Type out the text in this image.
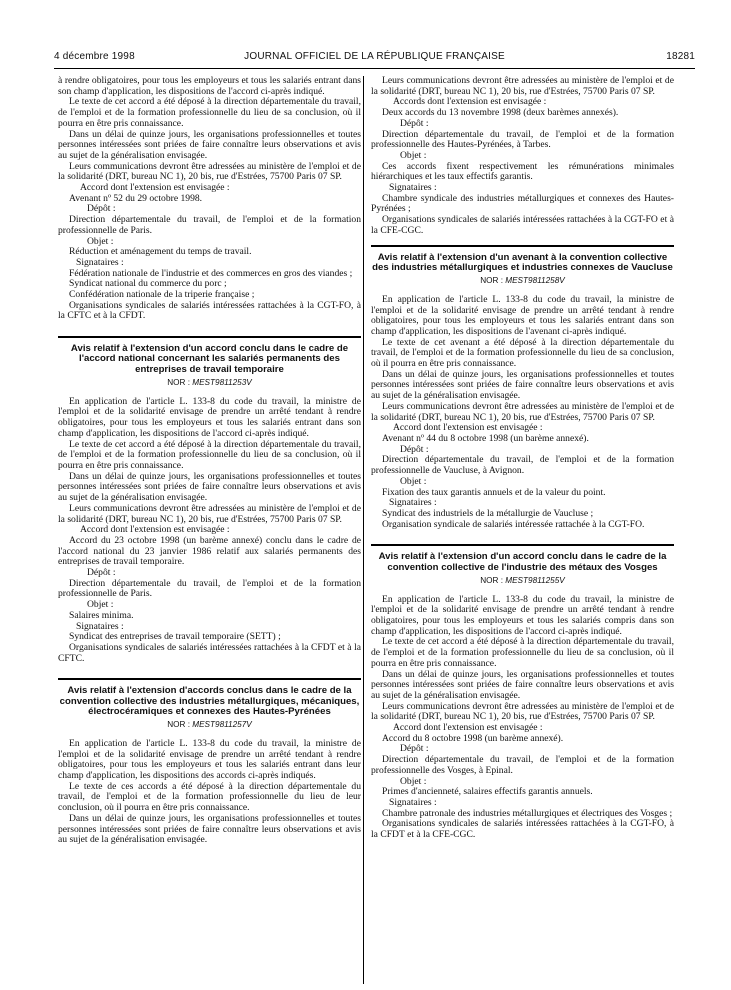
4 décembre 1998	JOURNAL OFFICIEL DE LA RÉPUBLIQUE FRANÇAISE	18281

à rendre obligatoires, pour tous les employeurs et tous les salariés entrant dans son champ d'application, les dispositions de l'accord ci-après indiqué.

Le texte de cet accord a été déposé à la direction départementale du travail, de l'emploi et de la formation professionnelle du lieu de sa conclusion, où il pourra en être pris connaissance.

Dans un délai de quinze jours, les organisations professionnelles et toutes personnes intéressées sont priées de faire connaître leurs observations et avis au sujet de la généralisation envisagée.

Leurs communications devront être adressées au ministère de l'emploi et de la solidarité (DRT, bureau NC 1), 20 bis, rue d'Estrées, 75700 Paris 07 SP.

Accord dont l'extension est envisagée :

Avenant nº 52 du 29 octobre 1998.

Dépôt :

Direction départementale du travail, de l'emploi et de la formation professionnelle de Paris.

Objet :

Réduction et aménagement du temps de travail.

Signataires :

Fédération nationale de l'industrie et des commerces en gros des viandes ;

Syndicat national du commerce du porc ;

Confédération nationale de la triperie française ;

Organisations syndicales de salariés intéressées rattachées à la CGT-FO, à la CFTC et à la CFDT.

Avis relatif à l'extension d'un accord conclu dans le cadre de l'accord national concernant les salariés permanents des entreprises de travail temporaire

NOR : MEST9811253V

En application de l'article L. 133-8 du code du travail, la ministre de l'emploi et de la solidarité envisage de prendre un arrêté tendant à rendre obligatoires, pour tous les employeurs et tous les salariés entrant dans son champ d'application, les dispositions de l'accord ci-après indiqué.

Le texte de cet accord a été déposé à la direction départementale du travail, de l'emploi et de la formation professionnelle du lieu de sa conclusion, où il pourra en être pris connaissance.

Dans un délai de quinze jours, les organisations professionnelles et toutes personnes intéressées sont priées de faire connaître leurs observations et avis au sujet de la généralisation envisagée.

Leurs communications devront être adressées au ministère de l'emploi et de la solidarité (DRT, bureau NC 1), 20 bis, rue d'Estrées, 75700 Paris 07 SP.

Accord dont l'extension est envisagée :

Accord du 23 octobre 1998 (un barème annexé) conclu dans le cadre de l'accord national du 23 janvier 1986 relatif aux salariés permanents des entreprises de travail temporaire.

Dépôt :

Direction départementale du travail, de l'emploi et de la formation professionnelle de Paris.

Objet :

Salaires minima.

Signataires :

Syndicat des entreprises de travail temporaire (SETT) ;

Organisations syndicales de salariés intéressées rattachées à la CFDT et à la CFTC.

Avis relatif à l'extension d'accords conclus dans le cadre de la convention collective des industries métallurgiques, mécaniques, électrocéramiques et connexes des Hautes-Pyrénées

NOR : MEST9811257V

En application de l'article L. 133-8 du code du travail, la ministre de l'emploi et de la solidarité envisage de prendre un arrêté tendant à rendre obligatoires, pour tous les employeurs et tous les salariés entrant dans leur champ d'application, les dispositions des accords ci-après indiqués.

Le texte de ces accords a été déposé à la direction départementale du travail, de l'emploi et de la formation professionnelle du lieu de leur conclusion, où il pourra en être pris connaissance.

Dans un délai de quinze jours, les organisations professionnelles et toutes personnes intéressées sont priées de faire connaître leurs observations et avis au sujet de la généralisation envisagée.

Leurs communications devront être adressées au ministère de l'emploi et de la solidarité (DRT, bureau NC 1), 20 bis, rue d'Estrées, 75700 Paris 07 SP.

Accords dont l'extension est envisagée :

Deux accords du 13 novembre 1998 (deux barèmes annexés).

Dépôt :

Direction départementale du travail, de l'emploi et de la formation professionnelle des Hautes-Pyrénées, à Tarbes.

Objet :

Ces accords fixent respectivement les rémunérations minimales hiérarchiques et les taux effectifs garantis.

Signataires :

Chambre syndicale des industries métallurgiques et connexes des Hautes-Pyrénées ;

Organisations syndicales de salariés intéressées rattachées à la CGT-FO et à la CFE-CGC.

Avis relatif à l'extension d'un avenant à la convention collective des industries métallurgiques et industries connexes de Vaucluse

NOR : MEST9811258V

En application de l'article L. 133-8 du code du travail, la ministre de l'emploi et de la solidarité envisage de prendre un arrêté tendant à rendre obligatoires, pour tous les employeurs et tous les salariés entrant dans son champ d'application, les dispositions de l'avenant ci-après indiqué.

Le texte de cet avenant a été déposé à la direction départementale du travail, de l'emploi et de la formation professionnelle du lieu de sa conclusion, où il pourra en être pris connaissance.

Dans un délai de quinze jours, les organisations professionnelles et toutes personnes intéressées sont priées de faire connaître leurs observations et avis au sujet de la généralisation envisagée.

Leurs communications devront être adressées au ministère de l'emploi et de la solidarité (DRT, bureau NC 1), 20 bis, rue d'Estrées, 75700 Paris 07 SP.

Accord dont l'extension est envisagée :

Avenant nº 44 du 8 octobre 1998 (un barème annexé).

Dépôt :

Direction départementale du travail, de l'emploi et de la formation professionnelle de Vaucluse, à Avignon.

Objet :

Fixation des taux garantis annuels et de la valeur du point.

Signataires :

Syndicat des industriels de la métallurgie de Vaucluse ;

Organisation syndicale de salariés intéressée rattachée à la CGT-FO.

Avis relatif à l'extension d'un accord conclu dans le cadre de la convention collective de l'industrie des métaux des Vosges

NOR : MEST9811255V

En application de l'article L. 133-8 du code du travail, la ministre de l'emploi et de la solidarité envisage de prendre un arrêté tendant à rendre obligatoires, pour tous les employeurs et tous les salariés compris dans son champ d'application, les dispositions de l'accord ci-après indiqué.

Le texte de cet accord a été déposé à la direction départementale du travail, de l'emploi et de la formation professionnelle du lieu de sa conclusion, où il pourra en être pris connaissance.

Dans un délai de quinze jours, les organisations professionnelles et toutes personnes intéressées sont priées de faire connaître leurs observations et avis au sujet de la généralisation envisagée.

Leurs communications devront être adressées au ministère de l'emploi et de la solidarité (DRT, bureau NC 1), 20 bis, rue d'Estrées, 75700 Paris 07 SP.

Accord dont l'extension est envisagée :

Accord du 8 octobre 1998 (un barème annexé).

Dépôt :

Direction départementale du travail, de l'emploi et de la formation professionnelle des Vosges, à Epinal.

Objet :

Primes d'ancienneté, salaires effectifs garantis annuels.

Signataires :

Chambre patronale des industries métallurgiques et électriques des Vosges ;

Organisations syndicales de salariés intéressées rattachées à la CGT-FO, à la CFDT et à la CFE-CGC.
